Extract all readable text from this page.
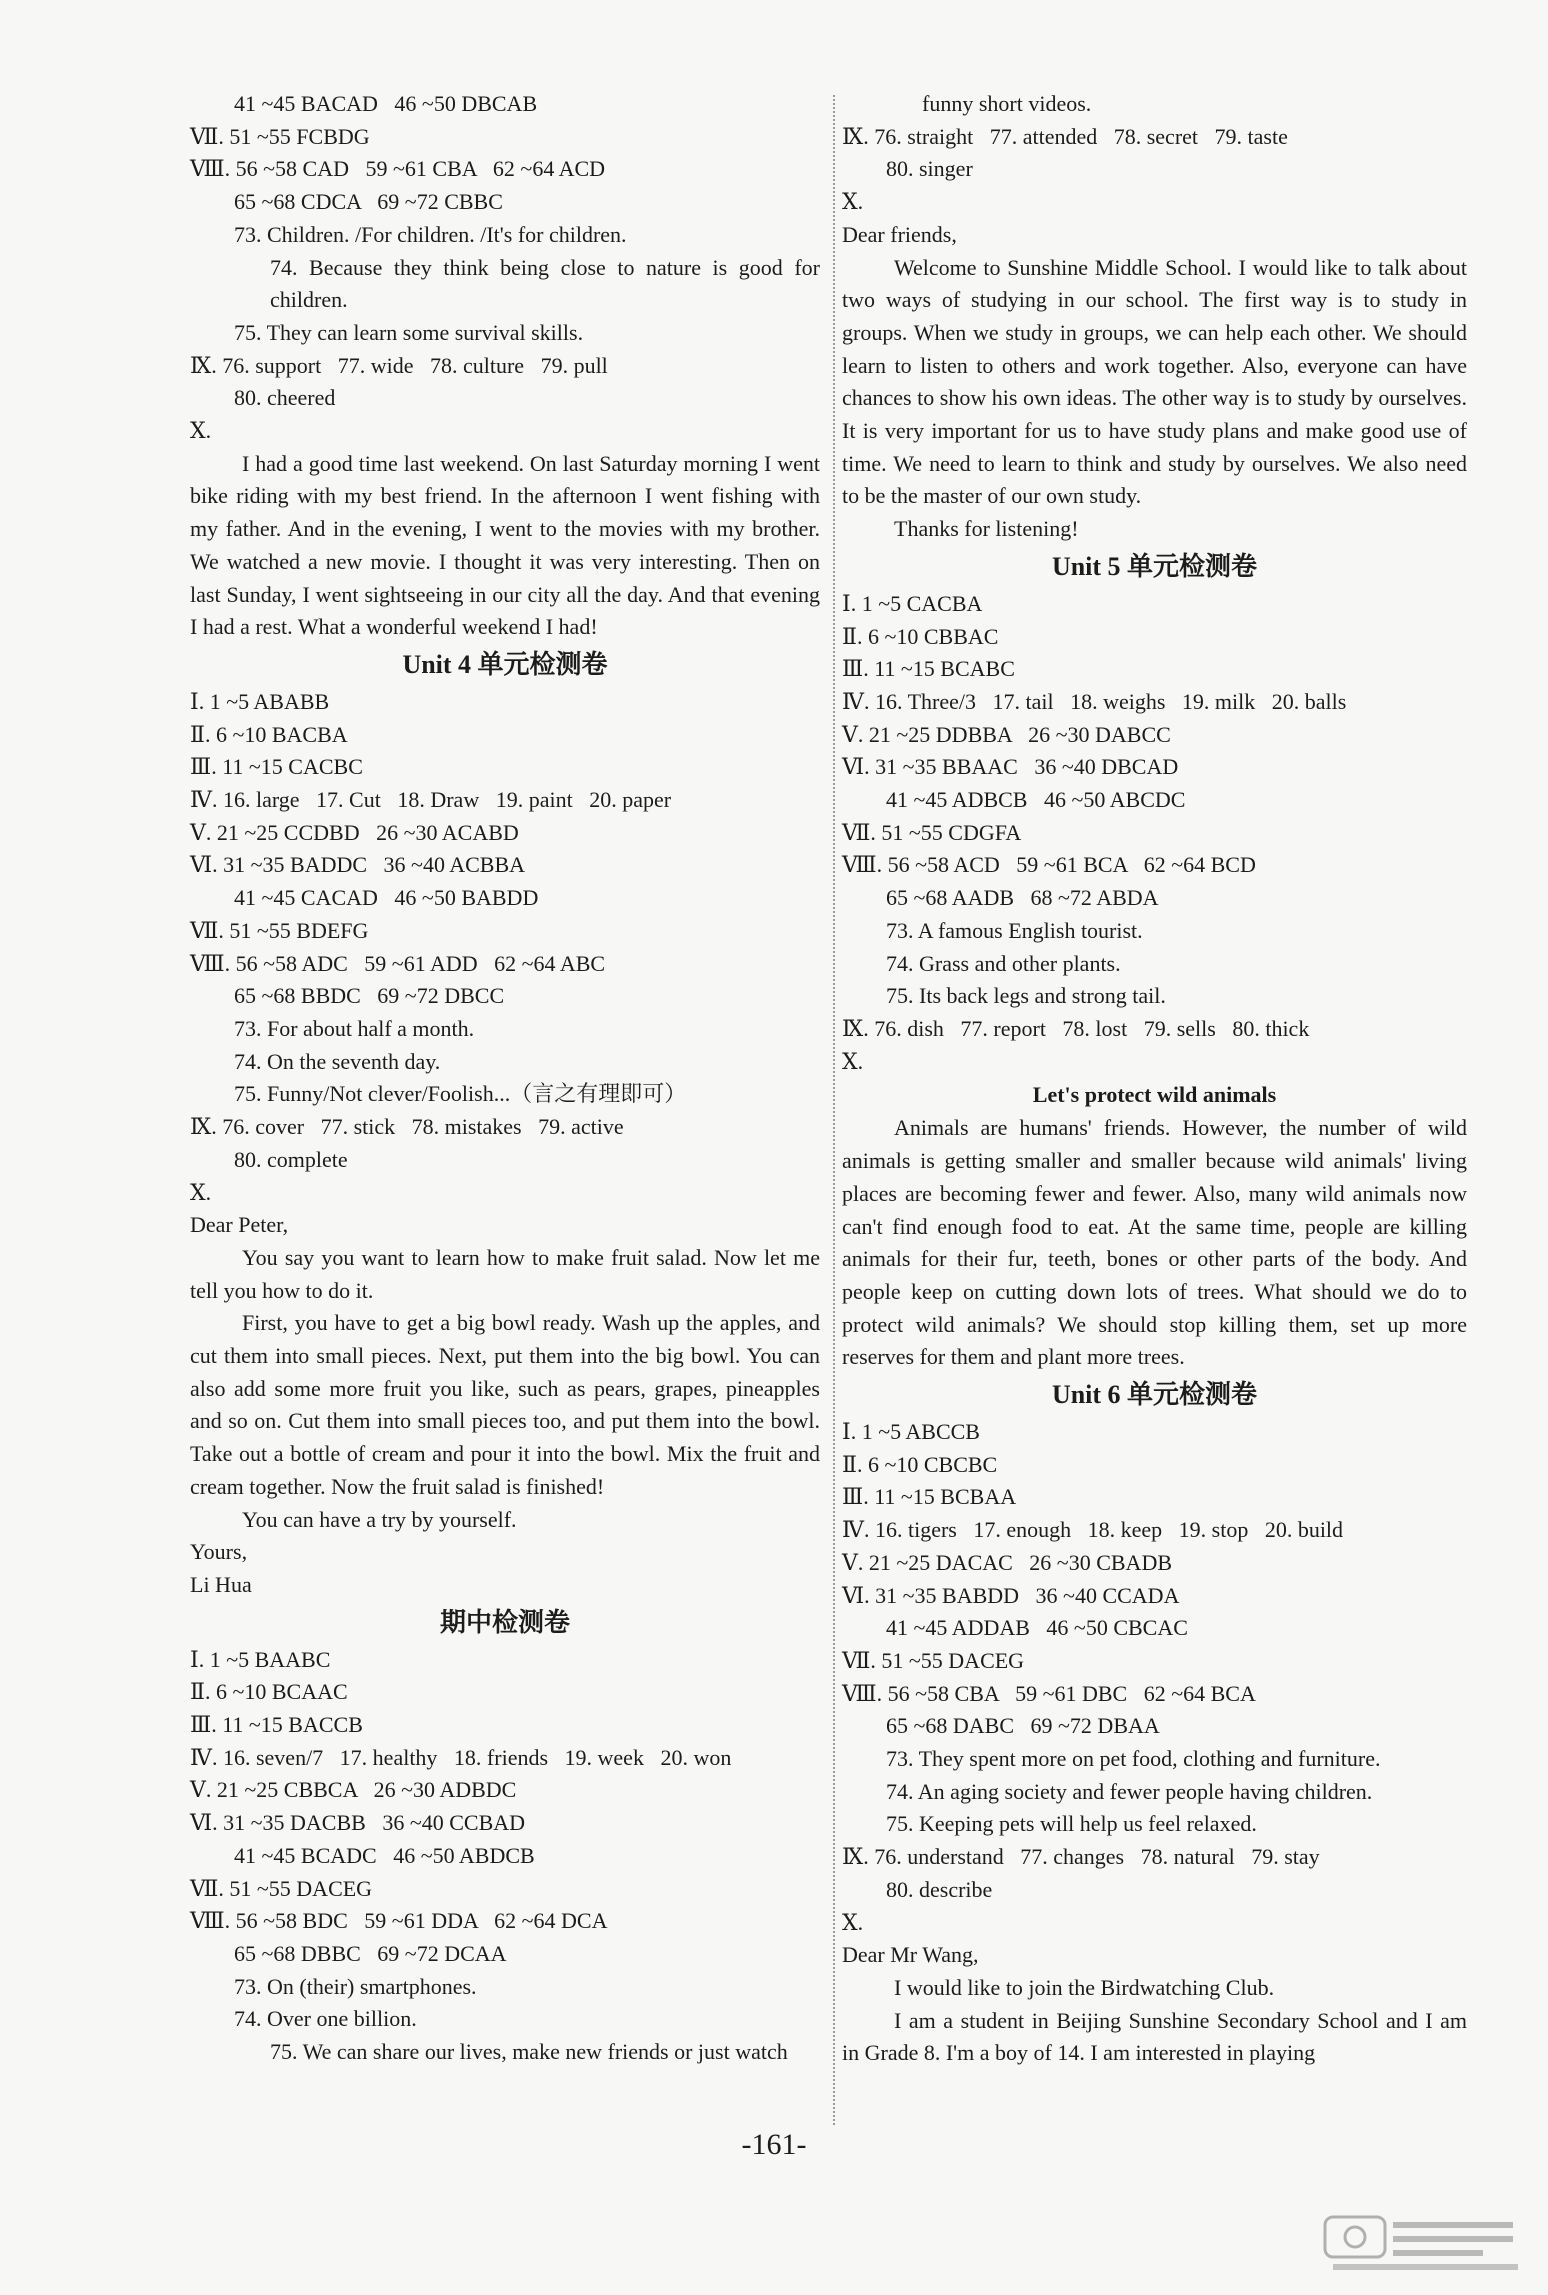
41 ~45 BACAD   46 ~50 DBCAB
Ⅶ. 51 ~55 FCBDG
Ⅷ. 56 ~58 CAD   59 ~61 CBA   62 ~64 ACD
65 ~68 CDCA   69 ~72 CBBC
73. Children. /For children. /It's for children.
74. Because they think being close to nature is good for children.
75. They can learn some survival skills.
Ⅸ. 76. support   77. wide   78. culture   79. pull
80. cheered
Ⅹ.
I had a good time last weekend. On last Saturday morning I went bike riding with my best friend. In the afternoon I went fishing with my father. And in the evening, I went to the movies with my brother. We watched a new movie. I thought it was very interesting. Then on last Sunday, I went sightseeing in our city all the day. And that evening I had a rest. What a wonderful weekend I had!
Unit 4 单元检测卷
Ⅰ. 1 ~5 ABABB
Ⅱ. 6 ~10 BACBA
Ⅲ. 11 ~15 CACBC
Ⅳ. 16. large   17. Cut   18. Draw   19. paint   20. paper
Ⅴ. 21 ~25 CCDBD   26 ~30 ACABD
Ⅵ. 31 ~35 BADDC   36 ~40 ACBBA
41 ~45 CACAD   46 ~50 BABDD
Ⅶ. 51 ~55 BDEFG
Ⅷ. 56 ~58 ADC   59 ~61 ADD   62 ~64 ABC
65 ~68 BBDC   69 ~72 DBCC
73. For about half a month.
74. On the seventh day.
75. Funny/Not clever/Foolish...（言之有理即可）
Ⅸ. 76. cover   77. stick   78. mistakes   79. active
80. complete
Ⅹ.
Dear Peter,
You say you want to learn how to make fruit salad. Now let me tell you how to do it.
First, you have to get a big bowl ready. Wash up the apples, and cut them into small pieces. Next, put them into the big bowl. You can also add some more fruit you like, such as pears, grapes, pineapples and so on. Cut them into small pieces too, and put them into the bowl. Take out a bottle of cream and pour it into the bowl. Mix the fruit and cream together. Now the fruit salad is finished!
You can have a try by yourself.
Yours,
Li Hua
期中检测卷
Ⅰ. 1 ~5 BAABC
Ⅱ. 6 ~10 BCAAC
Ⅲ. 11 ~15 BACCB
Ⅳ. 16. seven/7   17. healthy   18. friends   19. week   20. won
Ⅴ. 21 ~25 CBBCA   26 ~30 ADBDC
Ⅵ. 31 ~35 DACBB   36 ~40 CCBAD
41 ~45 BCADC   46 ~50 ABDCB
Ⅶ. 51 ~55 DACEG
Ⅷ. 56 ~58 BDC   59 ~61 DDA   62 ~64 DCA
65 ~68 DBBC   69 ~72 DCAA
73. On (their) smartphones.
74. Over one billion.
75. We can share our lives, make new friends or just watch
funny short videos.
Ⅸ. 76. straight   77. attended   78. secret   79. taste
80. singer
Ⅹ.
Dear friends,
Welcome to Sunshine Middle School. I would like to talk about two ways of studying in our school. The first way is to study in groups. When we study in groups, we can help each other. We should learn to listen to others and work together. Also, everyone can have chances to show his own ideas. The other way is to study by ourselves. It is very important for us to have study plans and make good use of time. We need to learn to think and study by ourselves. We also need to be the master of our own study.
Thanks for listening!
Unit 5 单元检测卷
Ⅰ. 1 ~5 CACBA
Ⅱ. 6 ~10 CBBAC
Ⅲ. 11 ~15 BCABC
Ⅳ. 16. Three/3   17. tail   18. weighs   19. milk   20. balls
Ⅴ. 21 ~25 DDBBA   26 ~30 DABCC
Ⅵ. 31 ~35 BBAAC   36 ~40 DBCAD
41 ~45 ADBCB   46 ~50 ABCDC
Ⅶ. 51 ~55 CDGFA
Ⅷ. 56 ~58 ACD   59 ~61 BCA   62 ~64 BCD
65 ~68 AADB   68 ~72 ABDA
73. A famous English tourist.
74. Grass and other plants.
75. Its back legs and strong tail.
Ⅸ. 76. dish   77. report   78. lost   79. sells   80. thick
Ⅹ.
Let's protect wild animals
Animals are humans' friends. However, the number of wild animals is getting smaller and smaller because wild animals' living places are becoming fewer and fewer. Also, many wild animals now can't find enough food to eat. At the same time, people are killing animals for their fur, teeth, bones or other parts of the body. And people keep on cutting down lots of trees. What should we do to protect wild animals? We should stop killing them, set up more reserves for them and plant more trees.
Unit 6 单元检测卷
Ⅰ. 1 ~5 ABCCB
Ⅱ. 6 ~10 CBCBC
Ⅲ. 11 ~15 BCBAA
Ⅳ. 16. tigers   17. enough   18. keep   19. stop   20. build
Ⅴ. 21 ~25 DACAC   26 ~30 CBADB
Ⅵ. 31 ~35 BABDD   36 ~40 CCADA
41 ~45 ADDAB   46 ~50 CBCAC
Ⅶ. 51 ~55 DACEG
Ⅷ. 56 ~58 CBA   59 ~61 DBC   62 ~64 BCA
65 ~68 DABC   69 ~72 DBAA
73. They spent more on pet food, clothing and furniture.
74. An aging society and fewer people having children.
75. Keeping pets will help us feel relaxed.
Ⅸ. 76. understand   77. changes   78. natural   79. stay
80. describe
Ⅹ.
Dear Mr Wang,
I would like to join the Birdwatching Club.
I am a student in Beijing Sunshine Secondary School and I am in Grade 8. I'm a boy of 14. I am interested in playing
-161-
